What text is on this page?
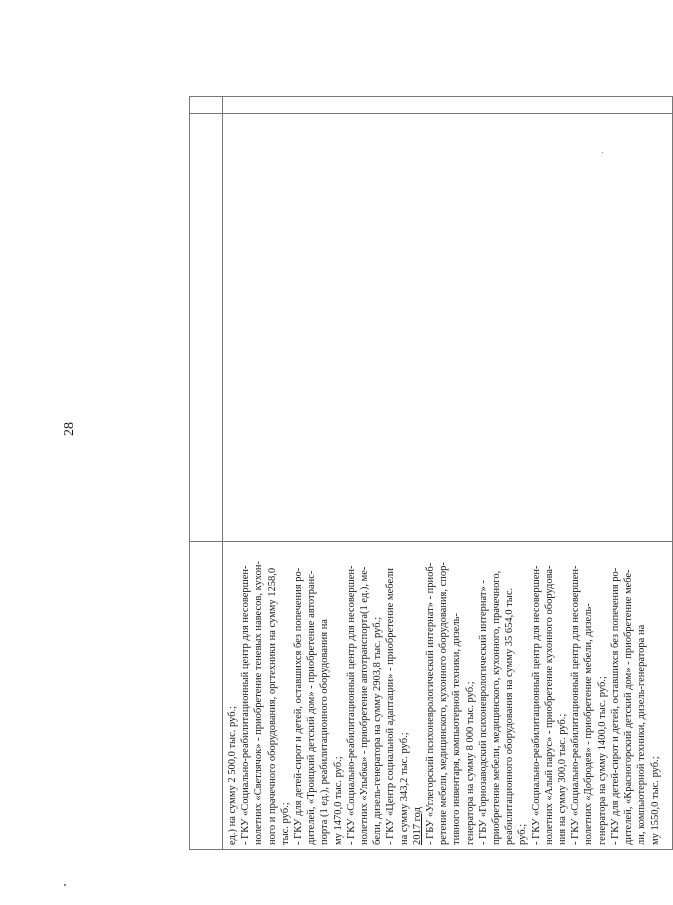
28

ед.) на сумму 2 500,0 тыс. руб.; - ГКУ «Социально-реабилитационный центр для несовершен- нолетних «Светлячок» - приобретение теневых навесов, кухон- ного и прачечного оборудования, оргтехники на сумму 1258,0 тыс. руб.; - ГКУ для детей-сирот и детей, оставшихся без попечения ро- дителей, «Троицкий детский дом» - приобретение автотранс- порта (1 ед.), реабилитационного оборудования на му 1470,0 тыс. руб.; - ГКУ «Социально-реабилитационный центр для несовершен- нолетних «Улыбка» - приобретение автотранспорта(1 ед.), ме- бели, дизель-генератора на сумму 2903,8 тыс. руб.; - ГКУ «Центр социальной адаптации» - приобретение мебели на сумму 343,2 тыс. руб.; 2017 год - ГБУ «Углегорский психоневрологический интернат» - приоб- ретение мебели, медицинского, кухонного оборудования, спор- тивного инвентаря, компьютерной техники, дизель- генератора на сумму 8 000 тыс. руб.; - ГБУ «Горнозаводский психоневрологический интернат» - приобретение мебели, медицинского, кухонного, прачечного, реабилитационного оборудования на сумму 35 654,0 тыс. руб.; - ГКУ «Социально-реабилитационный центр для несовершен- нолетних «Алый парус» - приобретение кухонного оборудова- ния на сумму 300,0 тыс. руб.; - ГКУ «Социально-реабилитационный центр для несовершен- нолетних «Добродея» - приобретение мебели, дизель- генератора на сумму 1400,0 тыс. руб.; - ГКУ для детей-сирот и детей, оставшихся без попечения ро- дителей, «Красногорский детский дом» - приобретение мебе- ли, компьютерной техники, дизель-генератора на му 1550,0 тыс. руб.;
